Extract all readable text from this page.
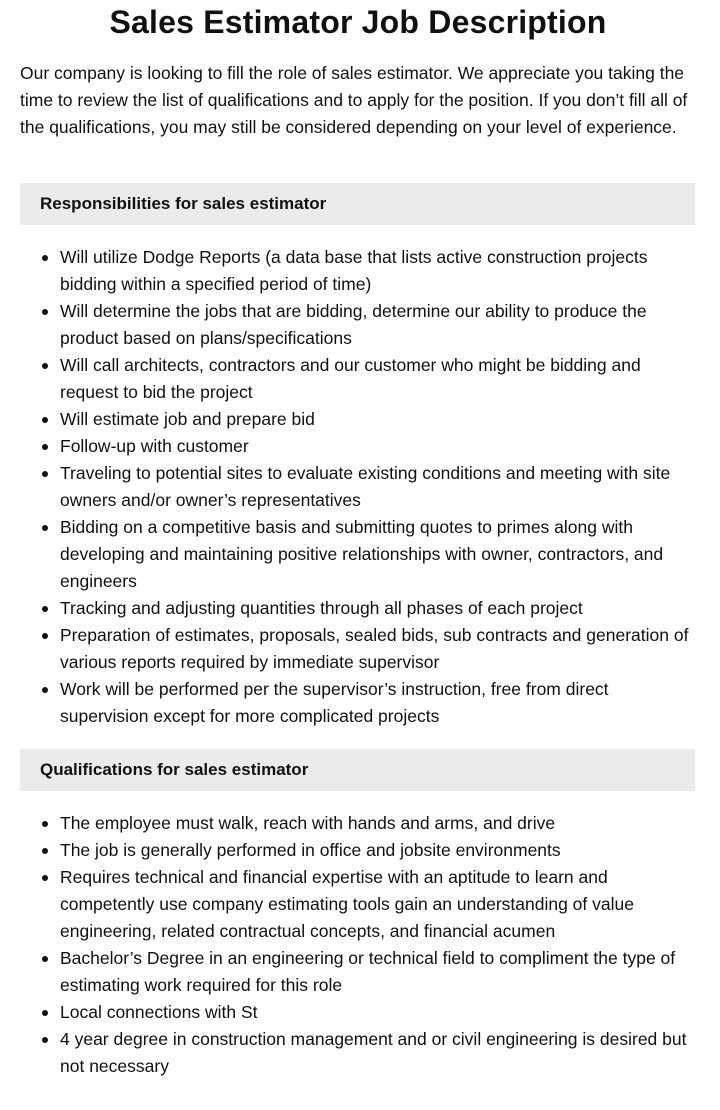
Sales Estimator Job Description

Our company is looking to fill the role of sales estimator. We appreciate you taking the time to review the list of qualifications and to apply for the position. If you don’t fill all of the qualifications, you may still be considered depending on your level of experience.

Responsibilities for sales estimator
Will utilize Dodge Reports (a data base that lists active construction projects bidding within a specified period of time)
Will determine the jobs that are bidding, determine our ability to produce the product based on plans/specifications
Will call architects, contractors and our customer who might be bidding and request to bid the project
Will estimate job and prepare bid
Follow-up with customer
Traveling to potential sites to evaluate existing conditions and meeting with site owners and/or owner’s representatives
Bidding on a competitive basis and submitting quotes to primes along with developing and maintaining positive relationships with owner, contractors, and engineers
Tracking and adjusting quantities through all phases of each project
Preparation of estimates, proposals, sealed bids, sub contracts and generation of various reports required by immediate supervisor
Work will be performed per the supervisor’s instruction, free from direct supervision except for more complicated projects
Qualifications for sales estimator
The employee must walk, reach with hands and arms, and drive
The job is generally performed in office and jobsite environments
Requires technical and financial expertise with an aptitude to learn and competently use company estimating tools gain an understanding of value engineering, related contractual concepts, and financial acumen
Bachelor’s Degree in an engineering or technical field to compliment the type of estimating work required for this role
Local connections with St
4 year degree in construction management and or civil engineering is desired but not necessary
